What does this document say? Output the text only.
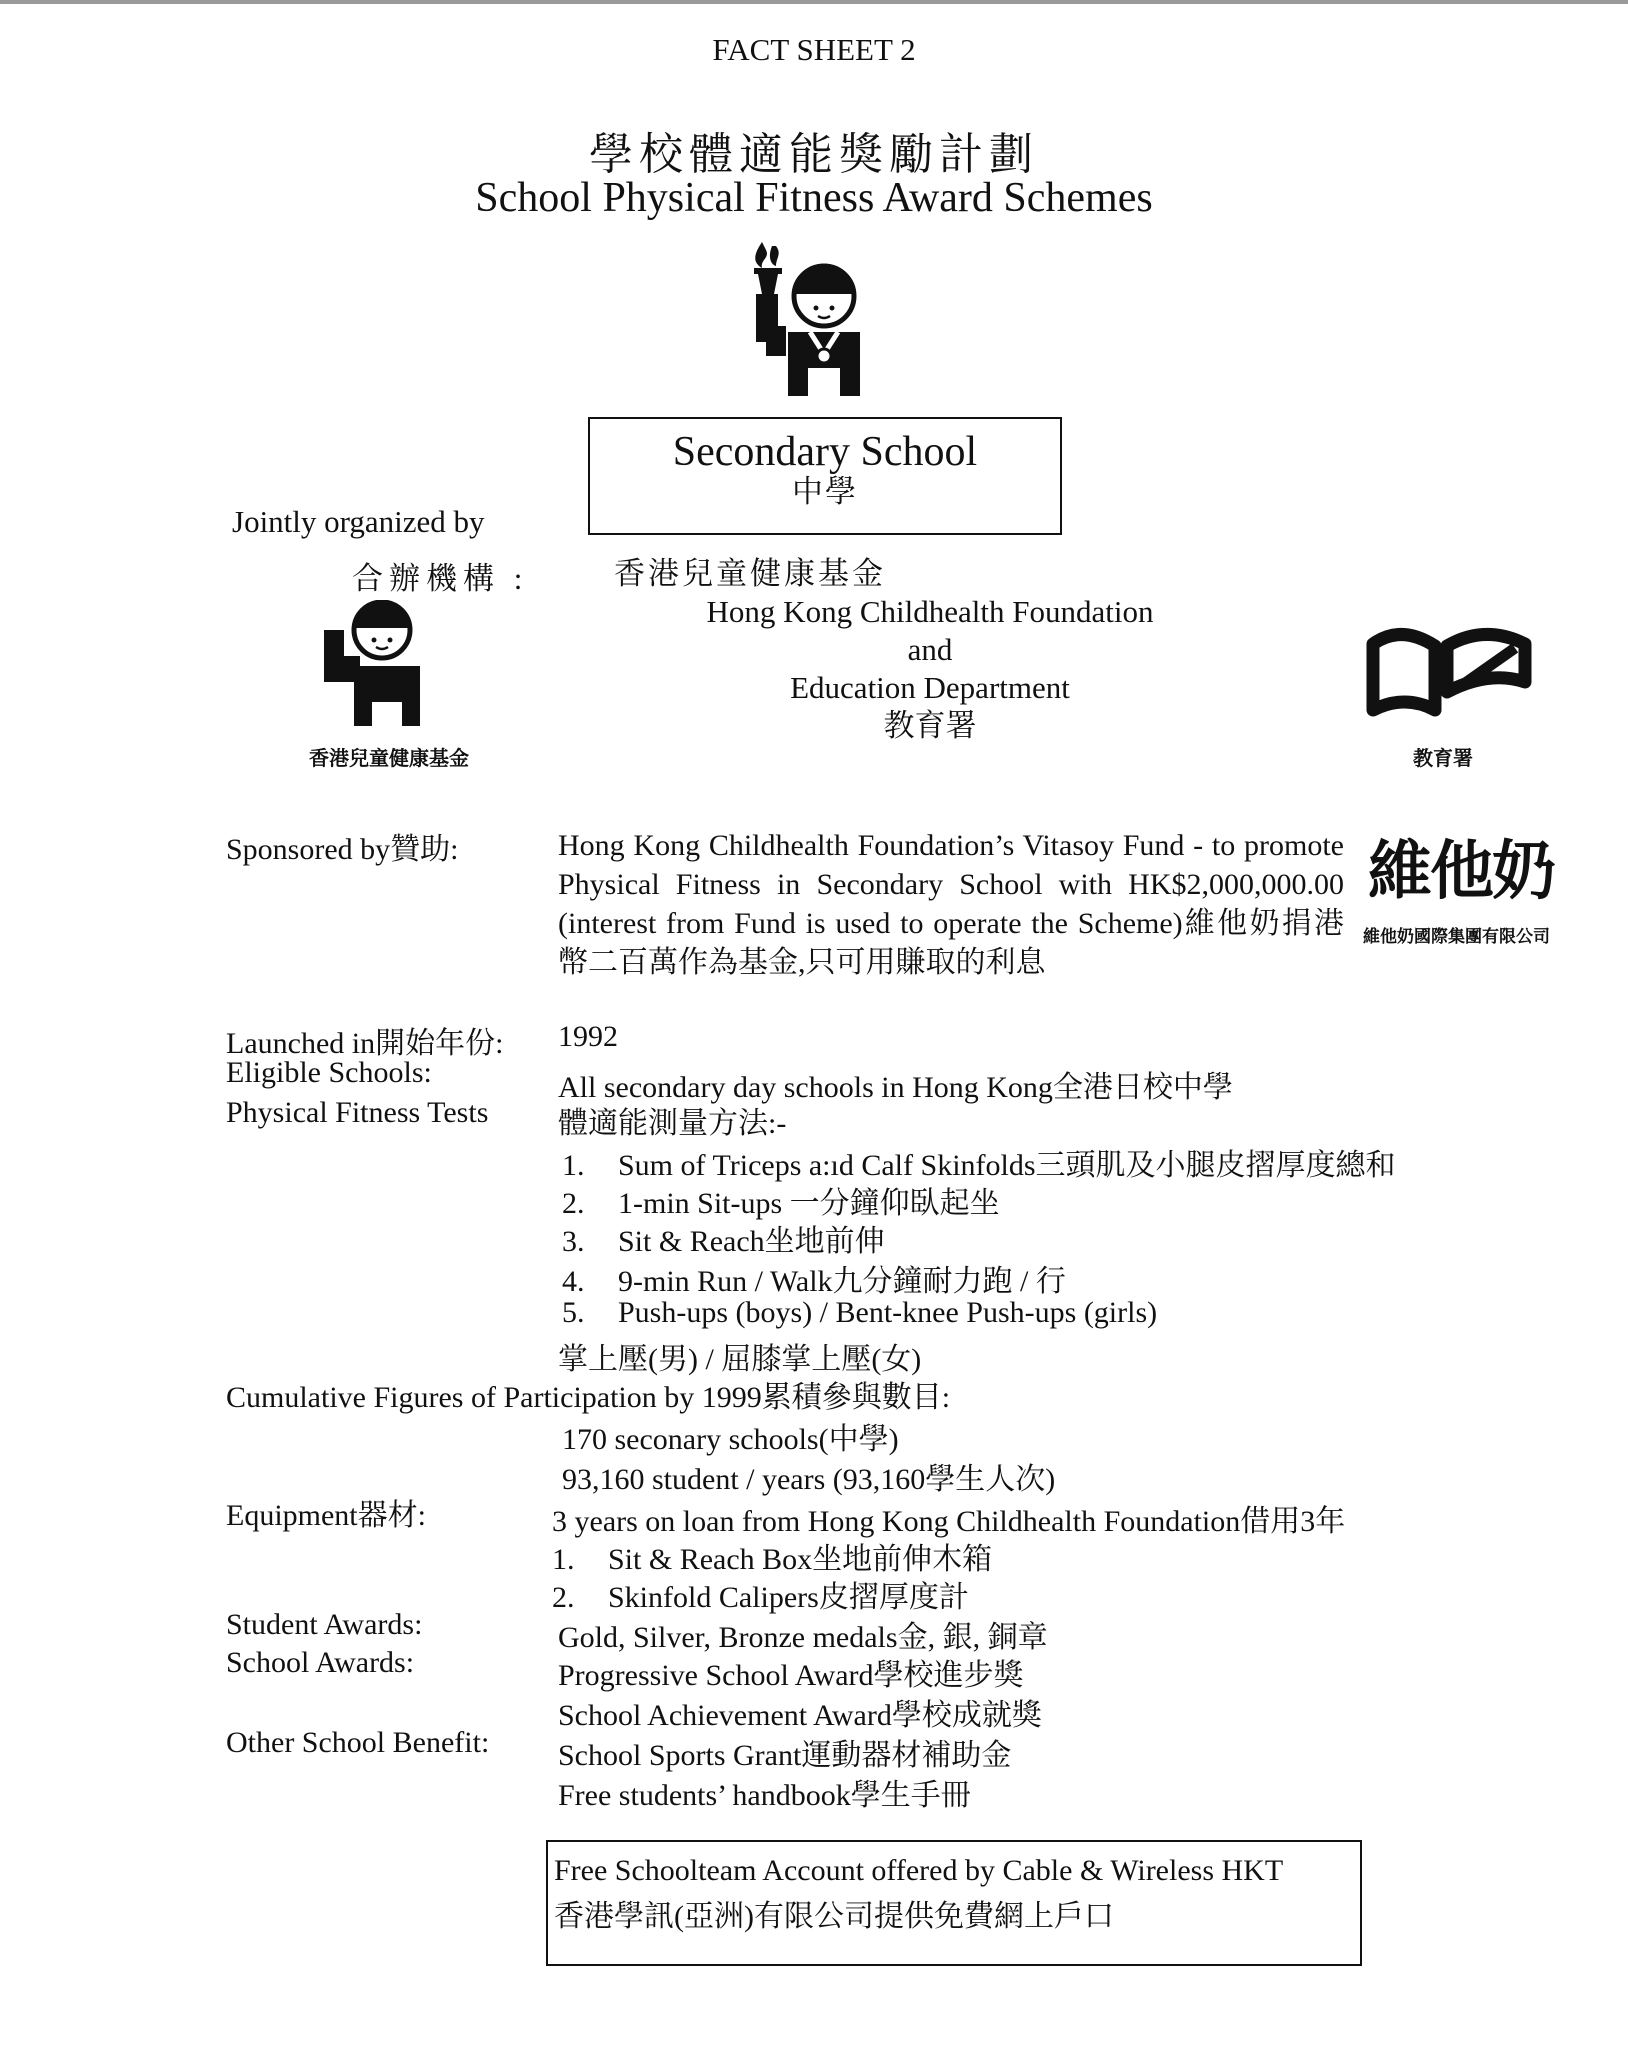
FACT SHEET 2
學校體適能獎勵計劃
School Physical Fitness Award Schemes
Secondary School
中學
Jointly organized by
合辦機構 :	香港兒童健康基金
Hong Kong Childhealth Foundation
and
Education Department
教育署
香港兒童健康基金	教育署
Sponsored by贊助:	Hong Kong Childhealth Foundation’s Vitasoy Fund - to promote Physical Fitness in Secondary School with HK$2,000,000.00 (interest from Fund is used to operate the Scheme)維他奶捐港幣二百萬作為基金,只可用賺取的利息
維他奶
維他奶國際集團有限公司
Launched in開始年份: 1992
Eligible Schools:	All secondary day schools in Hong Kong全港日校中學
Physical Fitness Tests 體適能測量方法:-
1. Sum of Triceps a:ıd Calf Skinfolds三頭肌及小腿皮摺厚度總和
2. 1-min Sit-ups 一分鐘仰臥起坐
3. Sit & Reach坐地前伸
4. 9-min Run / Walk九分鐘耐力跑 / 行
5. Push-ups (boys) / Bent-knee Push-ups (girls)
掌上壓(男) / 屈膝掌上壓(女)
Cumulative Figures of Participation by 1999累積參與數目:
170 seconary schools(中學)
93,160 student / years (93,160學生人次)
Equipment器材:	3 years on loan from Hong Kong Childhealth Foundation借用3年
1. Sit & Reach Box坐地前伸木箱
2. Skinfold Calipers皮摺厚度計
Student Awards:	Gold, Silver, Bronze medals金, 銀, 銅章
School Awards:	Progressive School Award學校進步獎
School Achievement Award學校成就獎
Other School Benefit: School Sports Grant運動器材補助金
Free students’ handbook學生手冊
Free Schoolteam Account offered by Cable & Wireless HKT
香港學訊(亞洲)有限公司提供免費網上戶口
